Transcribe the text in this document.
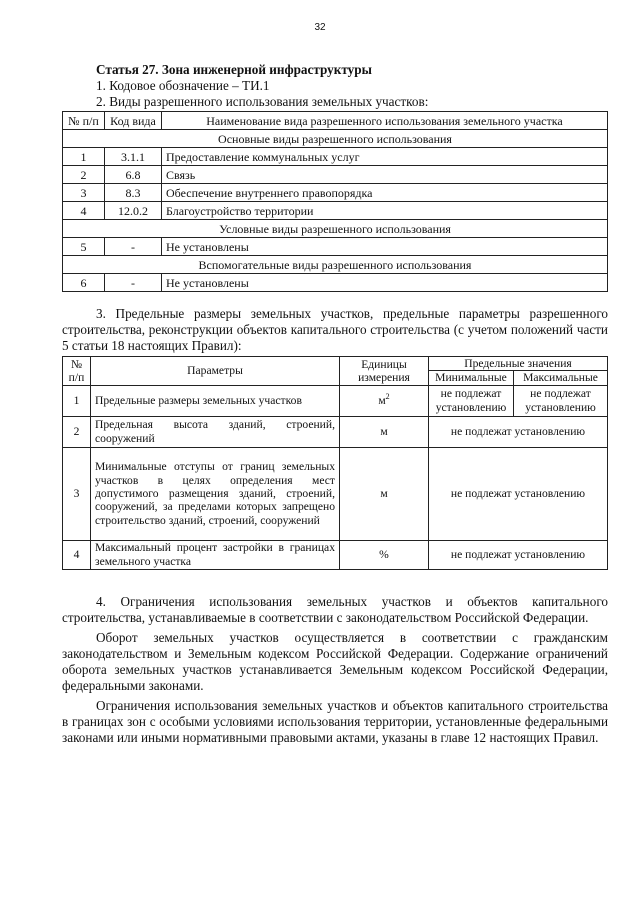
32
Статья 27. Зона инженерной инфраструктуры
1. Кодовое обозначение – ТИ.1
2. Виды разрешенного использования земельных участков:
№ п/п	Код вида	Наименование вида разрешенного использования земельного участка
Основные виды разрешенного использования		
1	3.1.1	Предоставление коммунальных услуг
2	6.8	Связь
3	8.3	Обеспечение внутреннего правопорядка
4	12.0.2	Благоустройство территории
Условные виды разрешенного использования		
5	-	Не установлены
Вспомогательные виды разрешенного использования		
6	-	Не установлены
3. Предельные размеры земельных участков, предельные параметры разрешенного строительства, реконструкции объектов капитального строительства (с учетом положений части 5 статьи 18 настоящих Правил):
№ п/п	Параметры	Единицы измерения	Предельные значения	
			Минимальные	Максимальные
1	Предельные размеры земельных участков	$м^2$	не подлежат установлению	не подлежат установлению
2	Предельная высота зданий, строений, сооружений	м	не подлежат установлению	
3	Минимальные отступы от границ земельных участков в целях определения мест допустимого размещения зданий, строений, сооружений, за пределами которых запрещено строительство зданий, строений, сооружений	м	не подлежат установлению	
4	Максимальный процент застройки в границах земельного участка	%	не подлежат установлению	
4. Ограничения использования земельных участков и объектов капитального строительства, устанавливаемые в соответствии с законодательством Российской Федерации.
Оборот земельных участков осуществляется в соответствии с гражданским законодательством и Земельным кодексом Российской Федерации. Содержание ограничений оборота земельных участков устанавливается Земельным кодексом Российской Федерации, федеральными законами.
Ограничения использования земельных участков и объектов капитального строительства в границах зон с особыми условиями использования территории, установленные федеральными законами или иными нормативными правовыми актами, указаны в главе 12 настоящих Правил.
